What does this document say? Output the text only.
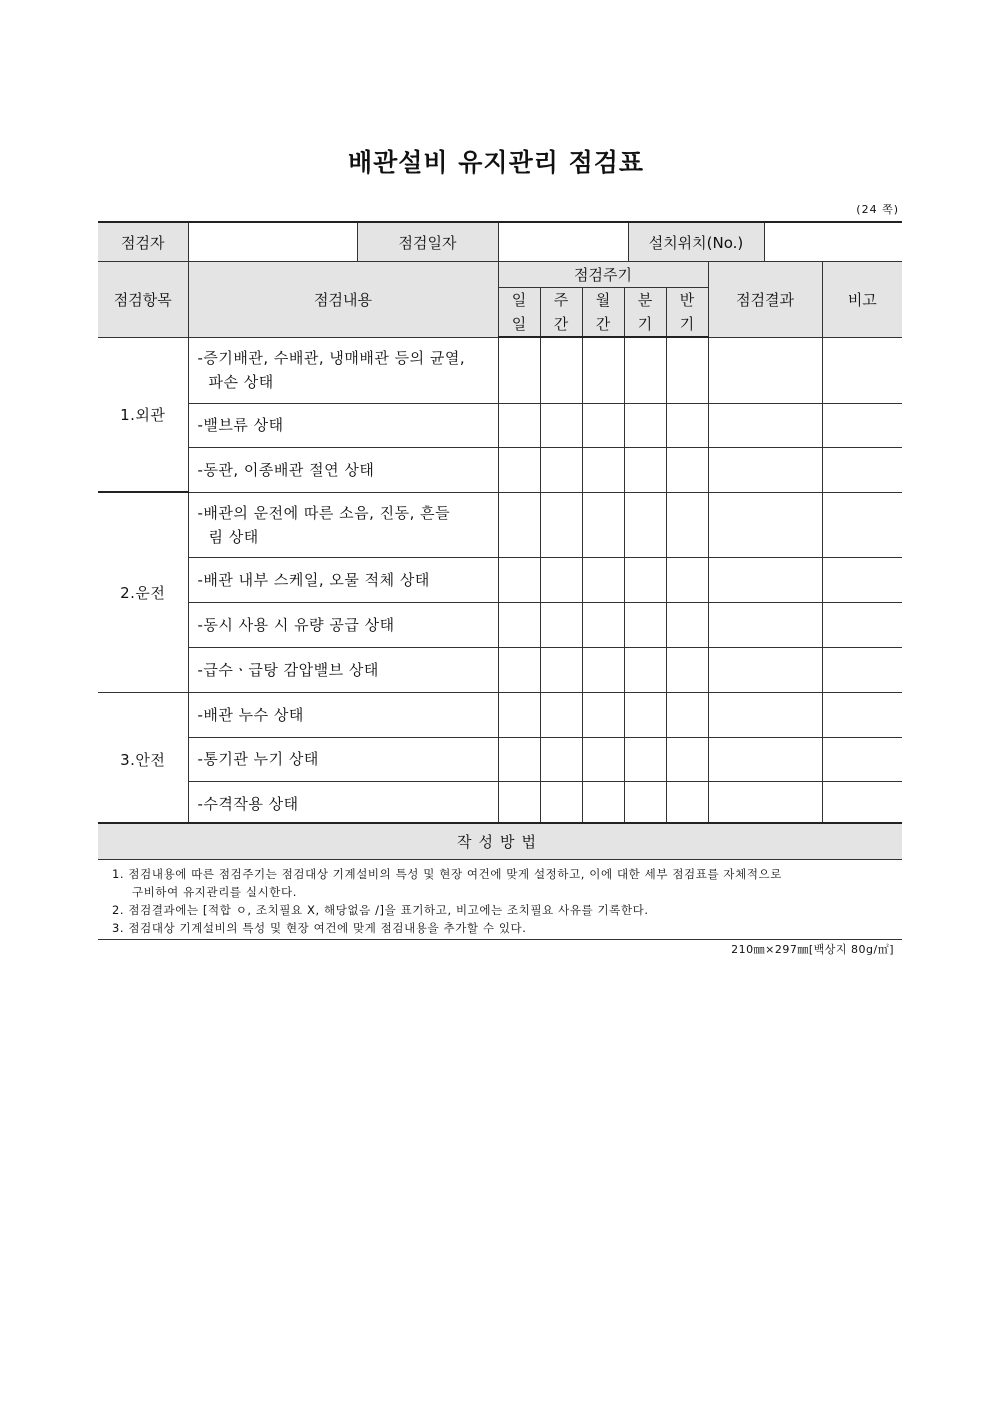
배관설비 유지관리 점검표
(24 쪽)
점검자		점검일자		설치위치(No.)	
점검항목	점검내용	점검주기					점검결과	비고
		일	주	월	분	반		
		일	간	간	기	기		
1.외관	-증기배관, 수배관, 냉매배관 등의 균열,
파손 상태							

	-밸브류 상태							
	-동관, 이종배관 절연 상태							
2.운전	-배관의 운전에 따른 소음, 진동, 흔들
림 상태							

	-배관 내부 스케일, 오물 적체 상태							
	-동시 사용 시 유량 공급 상태							
	-급수ㆍ급탕 감압밸브 상태							
3.안전	-배관 누수 상태							
	-통기관 누기 상태							
	-수격작용 상태							
작성방법
1. 점검내용에 따른 점검주기는 점검대상 기계설비의 특성 및 현장 여건에 맞게 설정하고, 이에 대한 세부 점검표를 자체적으로
구비하여 유지관리를 실시한다.
2. 점검결과에는 [적합 ㅇ, 조치필요 X, 해당없음 /]을 표기하고, 비고에는 조치필요 사유를 기록한다.
3. 점검대상 기계설비의 특성 및 현장 여건에 맞게 점검내용을 추가할 수 있다.
210㎜×297㎜[백상지 80g/㎡]
